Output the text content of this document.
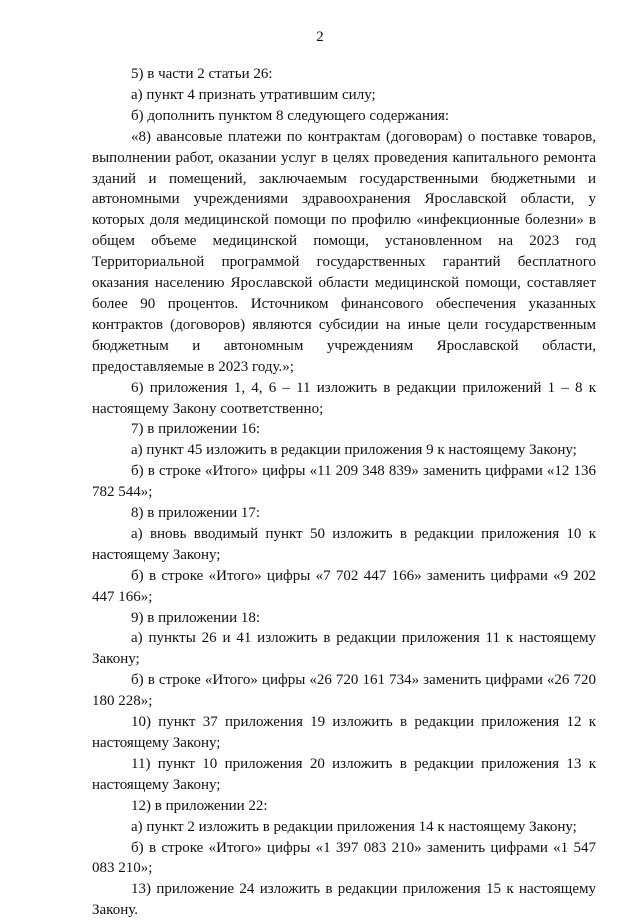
2

5) в части 2 статьи 26:

а) пункт 4 признать утратившим силу;

б) дополнить пунктом 8 следующего содержания:

«8) авансовые платежи по контрактам (договорам) о поставке товаров, выполнении работ, оказании услуг в целях проведения капитального ремонта зданий и помещений, заключаемым государственными бюджетными и автономными учреждениями здравоохранения Ярославской области, у которых доля медицинской помощи по профилю «инфекционные болезни» в общем объеме медицинской помощи, установленном на 2023 год Территориальной программой государственных гарантий бесплатного оказания населению Ярославской области медицинской помощи, составляет более 90 процентов. Источником финансового обеспечения указанных контрактов (договоров) являются субсидии на иные цели государственным бюджетным и автономным учреждениям Ярославской области, предоставляемые в 2023 году.»;

6) приложения 1, 4, 6 – 11 изложить в редакции приложений 1 – 8 к настоящему Закону соответственно;

7) в приложении 16:

а) пункт 45 изложить в редакции приложения 9 к настоящему Закону;

б) в строке «Итого» цифры «11 209 348 839» заменить цифрами «12 136 782 544»;

8) в приложении 17:

а) вновь вводимый пункт 50 изложить в редакции приложения 10 к настоящему Закону;

б) в строке «Итого» цифры «7 702 447 166» заменить цифрами «9 202 447 166»;

9) в приложении 18:

а) пункты 26 и 41 изложить в редакции приложения 11 к настоящему Закону;

б) в строке «Итого» цифры «26 720 161 734» заменить цифрами «26 720 180 228»;

10) пункт 37 приложения 19 изложить в редакции приложения 12 к настоящему Закону;

11) пункт 10 приложения 20 изложить в редакции приложения 13 к настоящему Закону;

12) в приложении 22:

а) пункт 2 изложить в редакции приложения 14 к настоящему Закону;

б) в строке «Итого» цифры «1 397 083 210» заменить цифрами «1 547 083 210»;

13) приложение 24 изложить в редакции приложения 15 к настоящему Закону.
